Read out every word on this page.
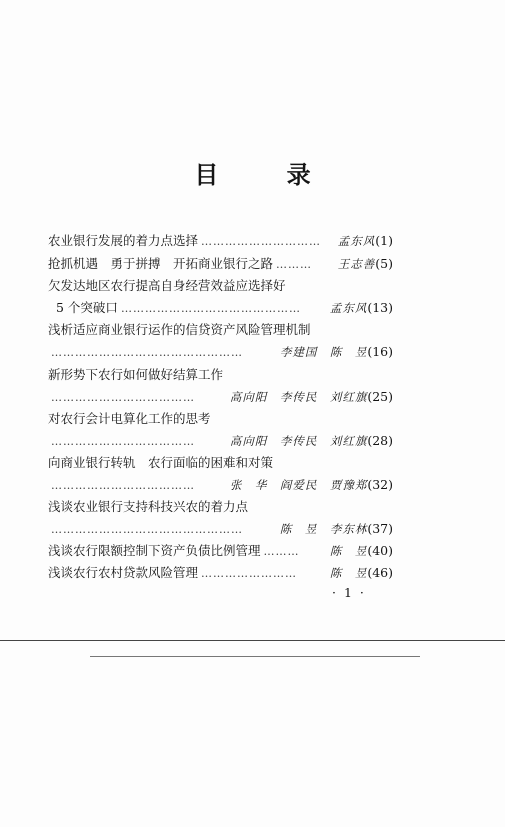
目 录
农业银行发展的着力点选择 …………………………	孟东风 (1)
抢抓机遇　勇于拼搏　开拓商业银行之路 ………	王志善 (5)
欠发达地区农行提高自身经营效益应选择好
5 个突破口 ………………………………………	孟东风 (13)
浅析适应商业银行运作的信贷资产风险管理机制
…………………………………………	李建国　陈　昱 (16)
新形势下农行如何做好结算工作
………………………………	高向阳　李传民　刘红旗 (25)
对农行会计电算化工作的思考
………………………………	高向阳　李传民　刘红旗 (28)
向商业银行转轨　农行面临的困难和对策
………………………………	张　华　阎爱民　贾豫郑 (32)
浅谈农业银行支持科技兴农的着力点
…………………………………………	陈　昱　李东林 (37)
浅谈农行限额控制下资产负债比例管理 ………	陈　昱 (40)
浅谈农行农村贷款风险管理 ……………………	陈　昱 (46)
· 1 ·
